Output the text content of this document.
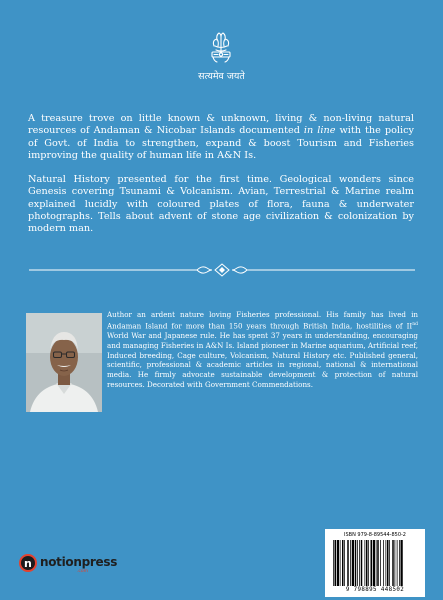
सत्यमेव जयते

A treasure trove on little known & unknown, living & non-living natural resources of Andaman & Nicobar Islands documented in line with the policy of Govt. of India to strengthen, expand & boost Tourism and Fisheries improving the quality of human life in A&N Is.

Natural History presented for the first time. Geological wonders since Genesis covering Tsunami & Volcanism. Avian, Terrestrial & Marine realm explained lucidly with coloured plates of flora, fauna & underwater photographs. Tells about advent of stone age civilization & colonization by modern man.

Author an ardent nature loving Fisheries professional. His family has lived in Andaman Island for more than 150 years through British India, hostilities of IInd World War and Japanese rule. He has spent 37 years in understanding, encouraging and managing Fisheries in A&N Is. Island pioneer in Marine aquarium, Artificial reef, Induced breeding, Cage culture, Volcanism, Natural History etc. Published general, scientific, professional & academic articles in regional, national & international media. He firmly advocate sustainable development & protection of natural resources. Decorated with Government Commendations.

ISBN 979-8-89544-850-2
9 798895 448502
n notionpress
.com
